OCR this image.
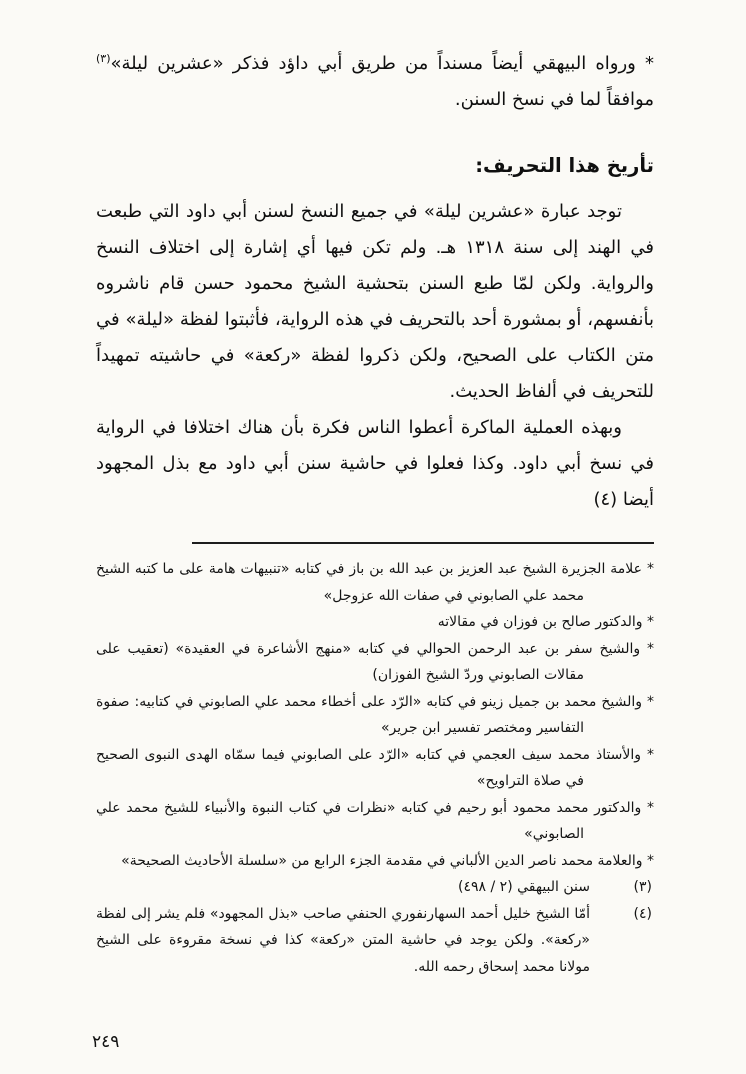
* ورواه البيهقي أيضاً مسنداً من طريق أبي داؤد فذكر «عشرين ليلة»$^{(٣)}$ موافقاً لما في نسخ السنن.

تأريخ هذا التحريف:

توجد عبارة «عشرين ليلة» في جميع النسخ لسنن أبي داود التي طبعت في الهند إلى سنة ١٣١٨ هـ. ولم تكن فيها أي إشارة إلى اختلاف النسخ والرواية. ولكن لمّا طبع السنن بتحشية الشيخ محمود حسن قام ناشروه بأنفسهم، أو بمشورة أحد بالتحريف في هذه الرواية، فأثبتوا لفظة «ليلة» في متن الكتاب على الصحيح، ولكن ذكروا لفظة «ركعة» في حاشيته تمهيداً للتحريف في ألفاظ الحديث.

وبهذه العملية الماكرة أعطوا الناس فكرة بأن هناك اختلافا في الرواية في نسخ أبي داود. وكذا فعلوا في حاشية سنن أبي داود مع بذل المجهود أيضا (٤)

* علامة الجزيرة الشيخ عبد العزيز بن عبد الله بن باز في كتابه «تنبيهات هامة على ما كتبه الشيخ محمد علي الصابوني في صفات الله عزوجل»

* والدكتور صالح بن فوزان في مقالاته

* والشيخ سفر بن عبد الرحمن الحوالي في كتابه «منهج الأشاعرة في العقيدة» (تعقيب على مقالات الصابوني وردّ الشيخ الفوزان)

* والشيخ محمد بن جميل زينو في كتابه «الرّد على أخطاء محمد علي الصابوني في كتابيه: صفوة التفاسير ومختصر تفسير ابن جرير»

* والأستاذ محمد سيف العجمي في كتابه «الرّد على الصابوني فيما سمّاه الهدى النبوى الصحيح في صلاة التراويح»

* والدكتور محمد محمود أبو رحيم في كتابه «نظرات في كتاب النبوة والأنبياء للشيخ محمد علي الصابوني»

* والعلامة محمد ناصر الدين الألباني في مقدمة الجزء الرابع من «سلسلة الأحاديث الصحيحة»

(٣)
سنن البيهقي (٢ / ٤٩٨)
(٤)
أمّا الشيخ خليل أحمد السهارنفوري الحنفي صاحب «بذل المجهود» فلم يشر إلى لفظة «ركعة». ولكن يوجد في حاشية المتن «ركعة» كذا في نسخة مقروءة على الشيخ مولانا محمد إسحاق رحمه الله.
٢٤٩
